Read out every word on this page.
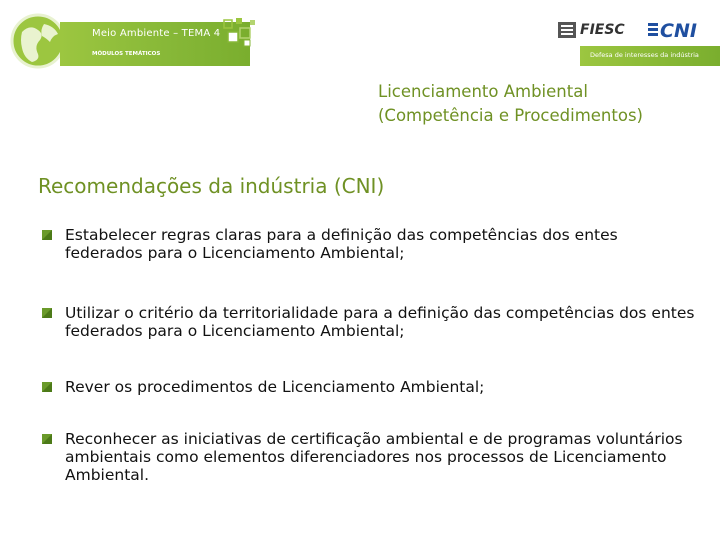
Meio Ambiente – TEMA 4
MÓDULOS TEMÁTICOS	Defesa de interesses da indústria
FIESC CNI
Licenciamento Ambiental
(Competência e Procedimentos)
Recomendações da indústria (CNI)
Estabelecer regras claras para a definição das competências dos entes federados para o Licenciamento Ambiental;
Utilizar o critério da territorialidade para a definição das competências dos entes federados para o Licenciamento Ambiental;
Rever os procedimentos de Licenciamento Ambiental;
Reconhecer as iniciativas de certificação ambiental e de programas voluntários ambientais como elementos diferenciadores nos processos de Licenciamento Ambiental.
